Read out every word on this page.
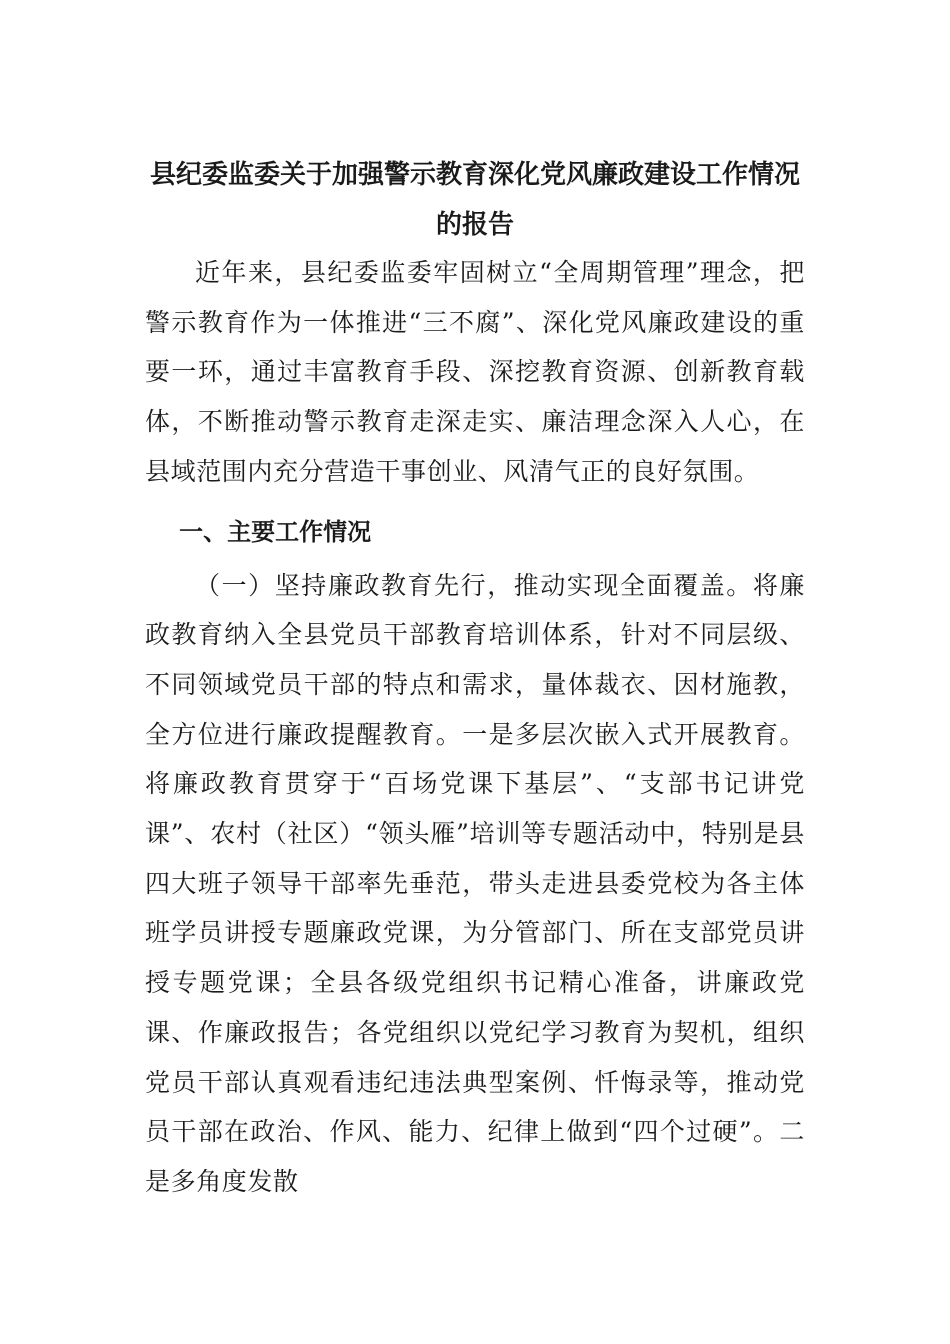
县纪委监委关于加强警示教育深化党风廉政建设工作情况
的报告

近年来，县纪委监委牢固树立“全周期管理”理念，把警示教育作为一体推进“三不腐”、深化党风廉政建设的重要一环，通过丰富教育手段、深挖教育资源、创新教育载体，不断推动警示教育走深走实、廉洁理念深入人心，在县域范围内充分营造干事创业、风清气正的良好氛围。

一、主要工作情况

（一）坚持廉政教育先行，推动实现全面覆盖。将廉政教育纳入全县党员干部教育培训体系，针对不同层级、不同领域党员干部的特点和需求，量体裁衣、因材施教，全方位进行廉政提醒教育。一是多层次嵌入式开展教育。将廉政教育贯穿于“百场党课下基层”、“支部书记讲党课”、农村（社区）“领头雁”培训等专题活动中，特别是县四大班子领导干部率先垂范，带头走进县委党校为各主体班学员讲授专题廉政党课，为分管部门、所在支部党员讲授专题党课；全县各级党组织书记精心准备，讲廉政党课、作廉政报告；各党组织以党纪学习教育为契机，组织党员干部认真观看违纪违法典型案例、忏悔录等，推动党员干部在政治、作风、能力、纪律上做到“四个过硬”。二是多角度发散
